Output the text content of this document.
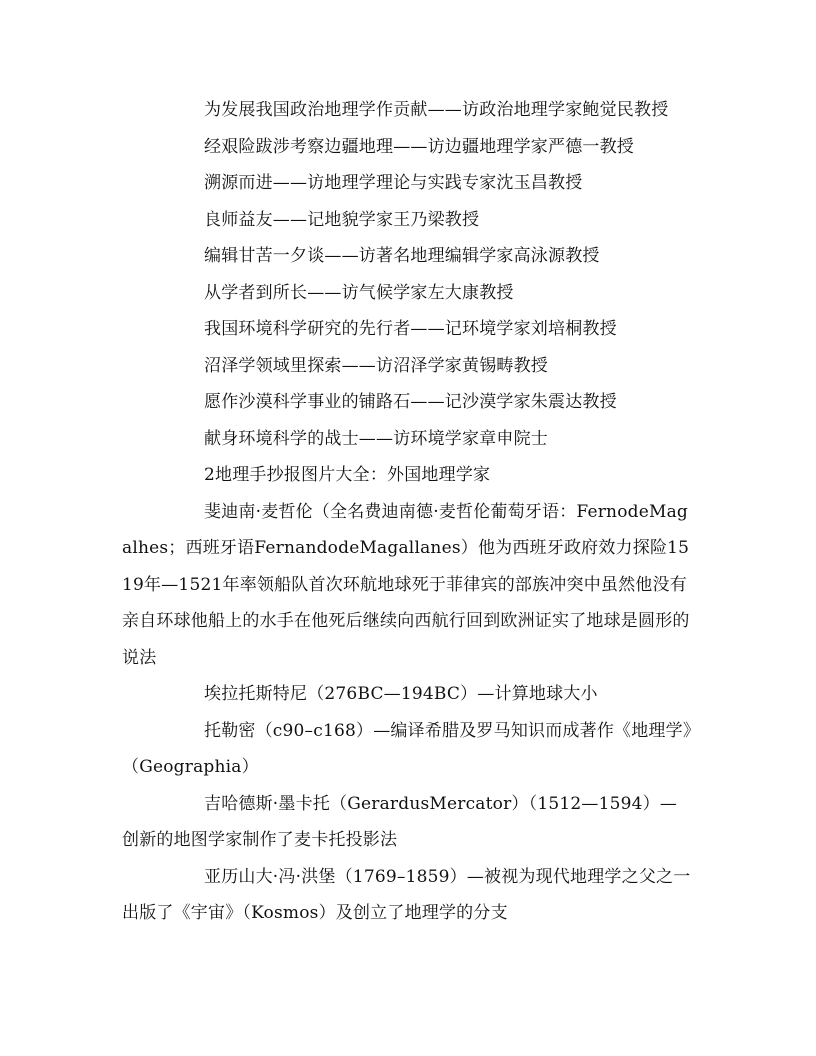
为发展我国政治地理学作贡献——访政治地理学家鲍觉民教授

经艰险跋涉考察边疆地理——访边疆地理学家严德一教授

溯源而进——访地理学理论与实践专家沈玉昌教授

良师益友——记地貌学家王乃梁教授

编辑甘苦一夕谈——访著名地理编辑学家高泳源教授

从学者到所长——访气候学家左大康教授

我国环境科学研究的先行者——记环境学家刘培桐教授

沼泽学领域里探索——访沼泽学家黄锡畴教授

愿作沙漠科学事业的铺路石——记沙漠学家朱震达教授

献身环境科学的战士——访环境学家章申院士

2地理手抄报图片大全：外国地理学家

斐迪南·麦哲伦（全名费迪南德·麦哲伦葡萄牙语：FernodeMagalhes；西班牙语FernandodeMagallanes）他为西班牙政府效力探险1519年—1521年率领船队首次环航地球死于菲律宾的部族冲突中虽然他没有亲自环球他船上的水手在他死后继续向西航行回到欧洲证实了地球是圆形的说法

埃拉托斯特尼（276BC—194BC）—计算地球大小

托勒密（c90–c168）—编译希腊及罗马知识而成著作《地理学》（Geographia）

吉哈德斯·墨卡托（GerardusMercator）（1512—1594）—创新的地图学家制作了麦卡托投影法

亚历山大·冯·洪堡（1769–1859）—被视为现代地理学之父之一出版了《宇宙》（Kosmos）及创立了地理学的分支
